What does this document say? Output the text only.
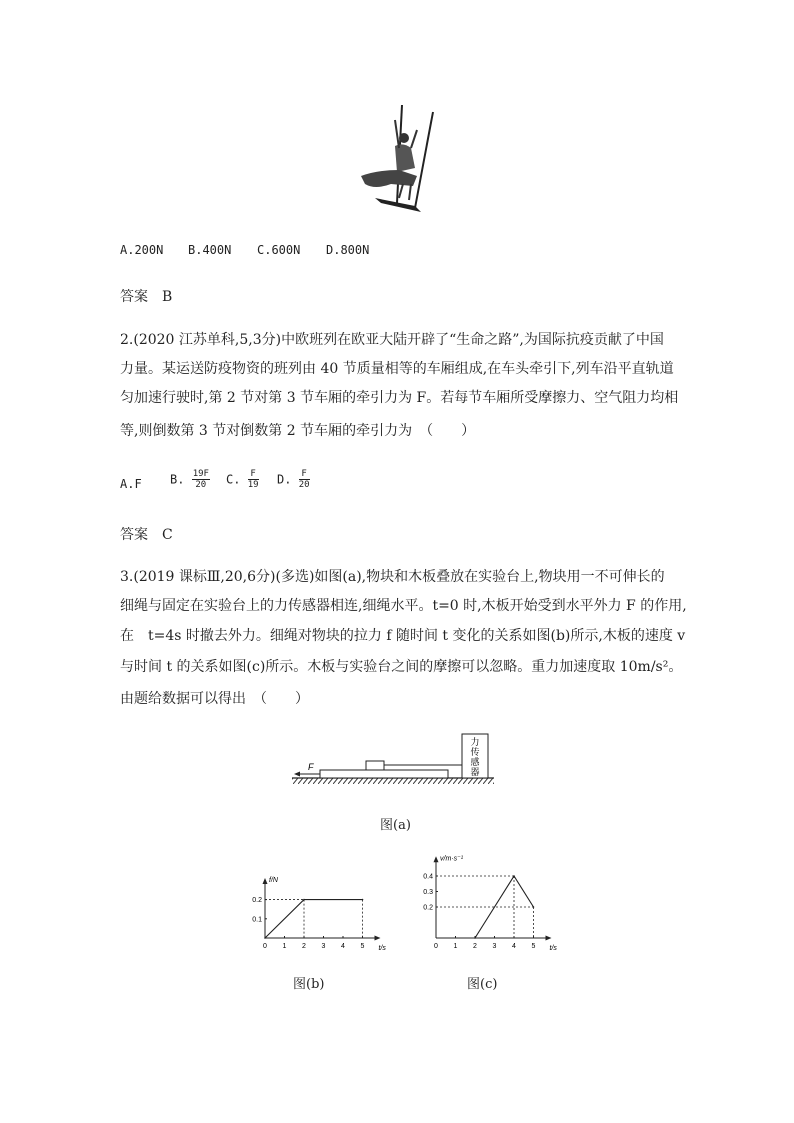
A.200N B.400N C.600N D.800N
答案　B
2.(2020 江苏单科,5,3分)中欧班列在欧亚大陆开辟了“生命之路”,为国际抗疫贡献了中国
力量。某运送防疫物资的班列由 40 节质量相等的车厢组成,在车头牵引下,列车沿平直轨道
匀加速行驶时,第 2 节对第 3 节车厢的牵引力为 F。若每节车厢所受摩擦力、空气阻力均相
等,则倒数第 3 节对倒数第 2 节车厢的牵引力为　（　　）
A.F B. $\frac{19F}{20} C$. $\frac{F}{19} D$. $\frac{F}{20}$
答案　C
3.(2019 课标Ⅲ,20,6分)(多选)如图(a),物块和木板叠放在实验台上,物块用一不可伸长的
细绳与固定在实验台上的力传感器相连,细绳水平。t=0 时,木板开始受到水平外力 F 的作用,
在　t=4s 时撤去外力。细绳对物块的拉力 f 随时间 t 变化的关系如图(b)所示,木板的速度 v
与时间 t 的关系如图(c)所示。木板与实验台之间的摩擦可以忽略。重力加速度取 10m/s²。
由题给数据可以得出　（　　）
力
传
感
器
F
图(a)
t/s
f/N
0 1 2 3 4 5
0.1
0.2
图(b)
t/s
v/m·s⁻¹
0 1 2 3 4 5
0.2
0.3
0.4
图(c)
